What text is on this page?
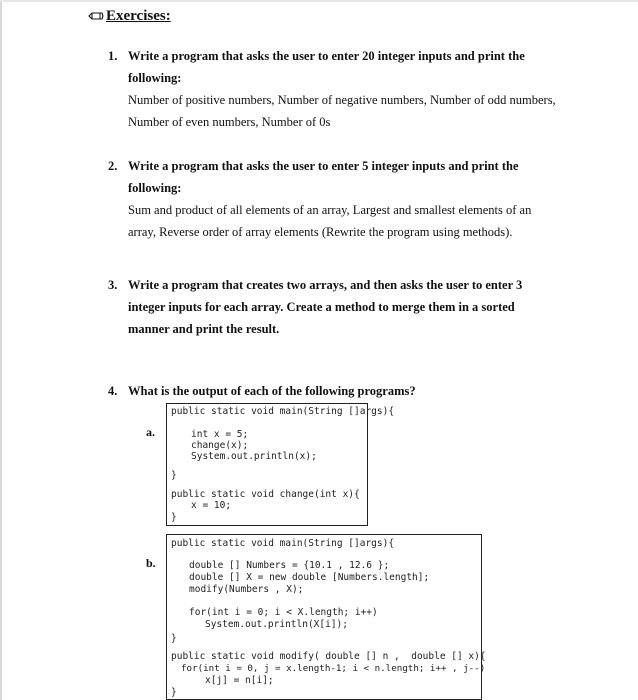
Exercises:
1. Write a program that asks the user to enter 20 integer inputs and print the
following:
Number of positive numbers, Number of negative numbers, Number of odd numbers,
Number of even numbers, Number of 0s
2. Write a program that asks the user to enter 5 integer inputs and print the
following:
Sum and product of all elements of an array, Largest and smallest elements of an
array, Reverse order of array elements (Rewrite the program using methods).
3. Write a program that creates two arrays, and then asks the user to enter 3
integer inputs for each array. Create a method to merge them in a sorted
manner and print the result.
4. What is the output of each of the following programs?
a.
public static void main(String []args){
int x = 5;
change(x);
System.out.println(x);
}
public static void change(int x){
x = 10;
}
b.
public static void main(String []args){
double [] Numbers = {10.1 , 12.6 };
double [] X = new double [Numbers.length];
modify(Numbers , X);
for(int i = 0; i < X.length; i++)
System.out.println(X[i]);
}
public static void modify( double [] n ,  double [] x){
for(int i = 0, j = x.length-1; i < n.length; i++ , j--)
x[j] = n[i];
}
